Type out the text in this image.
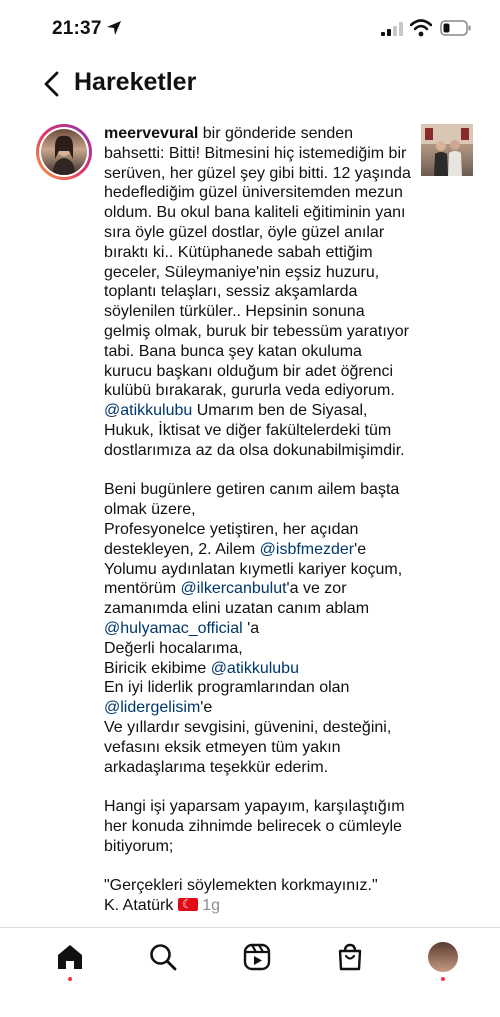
21:37
Hareketler

meervevural bir gönderide senden bahsetti: Bitti! Bitmesini hiç istemediğim bir serüven, her güzel şey gibi bitti. 12 yaşında hedeflediğim güzel üniversitemden mezun oldum. Bu okul bana kaliteli eğitiminin yanı sıra öyle güzel dostlar, öyle güzel anılar bıraktı ki.. Kütüphanede sabah ettiğim geceler, Süleymaniye'nin eşsiz huzuru, toplantı telaşları, sessiz akşamlarda söylenilen türküler.. Hepsinin sonuna gelmiş olmak, buruk bir tebessüm yaratıyor tabi. Bana bunca şey katan okuluma kurucu başkanı olduğum bir adet öğrenci kulübü bırakarak, gururla veda ediyorum. @atikkulubu Umarım ben de Siyasal, Hukuk, İktisat ve diğer fakültelerdeki tüm dostlarımıza az da olsa dokunabilmişimdir.

Beni bugünlere getiren canım ailem başta olmak üzere,

Profesyonelce yetiştiren, her açıdan destekleyen, 2. Ailem @isbfmezder'e

Yolumu aydınlatan kıymetli kariyer koçum, mentörüm @ilkercanbulut'a ve zor zamanımda elini uzatan canım ablam @hulyamac_official 'a

Değerli hocalarıma,

Biricik ekibime @atikkulubu

En iyi liderlik programlarından olan @lidergelisim'e

Ve yıllardır sevgisini, güvenini, desteğini, vefasını eksik etmeyen tüm yakın arkadaşlarıma teşekkür ederim.

Hangi işi yaparsam yapayım, karşılaştığım her konuda zihnimde belirecek o cümleyle bitiyorum;

"Gerçekleri söylemekten korkmayınız."

K. Atatürk ☾ 1g
